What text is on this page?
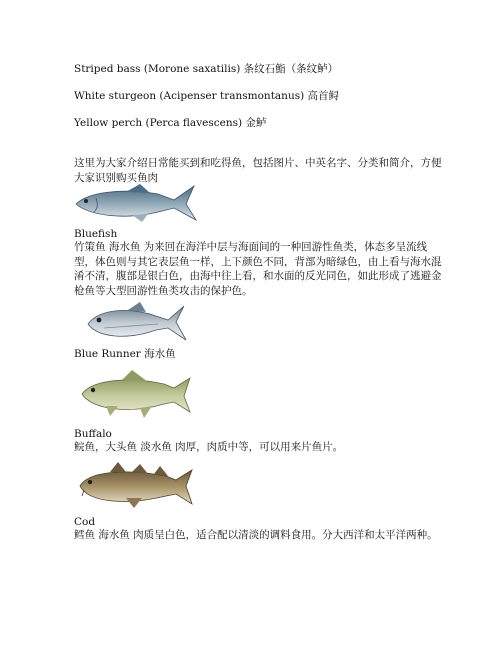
Striped bass (Morone saxatilis) 条纹石鮨（条纹鲈）
White sturgeon (Acipenser transmontanus) 高首鲟
Yellow perch (Perca flavescens) 金鲈
这里为大家介绍日常能买到和吃得鱼，包括图片、中英名字、分类和简介，方便大家识别购买鱼肉
Bluefish
竹策鱼 海水鱼 为来回在海洋中层与海面间的一种回游性鱼类，体态多呈流线型，体色则与其它表层鱼一样，上下颜色不同，背部为暗绿色，由上看与海水混淆不清，腹部是银白色，由海中往上看，和水面的反光同色，如此形成了逃避金枪鱼等大型回游性鱼类攻击的保护色。
Blue Runner 海水鱼
Buffalo
鲩鱼，大头鱼 淡水鱼 肉厚，肉质中等，可以用来片鱼片。
Cod
鳕鱼 海水鱼 肉质呈白色，适合配以清淡的调料食用。分大西洋和太平洋两种。
